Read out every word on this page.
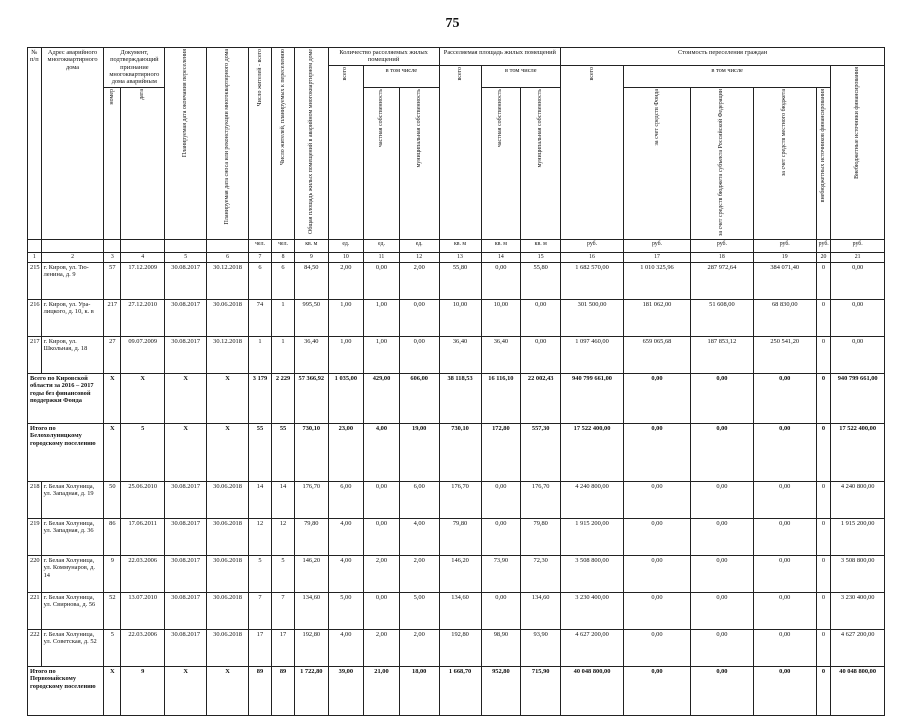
75
№ п/п	Адрес аварийного многоквартирного дома	Документ, подтверждающий признание многоквартирного дома аварийным		Планируемая дата окончания переселения	Планируемая дата сноса или реконструкции многоквартирного дома	Число жителей - всего	Число жителей, планируемых к переселению	Общая площадь жилых помещений в аварийном многоквартирном доме	Количество расселяемых жилых помещений			Расселяемая площадь жилых помещений			Стоимость переселения граждан					
									всего	в том числе		всего	в том числе		всего	в том числе				Внебюджетные источники финансирования
		номер	дата							частная собственность	муниципальная собственность		частная собственность	муниципальная собственность		за счет средств Фонда	за счет средств бюджета субъекта Российской Федерации	за счет средств местного бюджета	внебюджетных источников финансирования	
						чел.	чел.	кв. м	ед.	ед.	ед.	кв. м	кв. м	кв. м	руб.	руб.	руб.	руб.	руб.	руб.
1	2	3	4	5	6	7	8	9	10	11	12	13	14	15	16	17	18	19	20	21
215	г. Киров, ул. Тю-ленина, д. 9	57	17.12.2009	30.08.2017	30.12.2018	6	6	84,50	2,00	0,00	2,00	55,80	0,00	55,80	1 682 570,00	1 010 325,96	287 972,64	384 071,40	0	0,00
216	г. Киров, ул. Ура-лицкого, д. 10, к. в	217	27.12.2010	30.08.2017	30.06.2018	74	1	995,50	1,00	1,00	0,00	10,00	10,00	0,00	301 500,00	181 062,00	51 608,00	68 830,00	0	0,00
217	г. Киров, ул. Школьная, д. 18	27	09.07.2009	30.08.2017	30.12.2018	1	1	36,40	1,00	1,00	0,00	36,40	36,40	0,00	1 097 460,00	659 065,68	187 853,12	250 541,20	0	0,00
Всего по Кировской области за 2016 – 2017 годы без финансовой поддержки Фонда		X	X	X	X	3 179	2 229	57 366,92	1 035,00	429,00	606,00	38 118,53	16 116,10	22 002,43	940 799 661,00	0,00	0,00	0,00	0	940 799 661,00
Итого по Белохолуницкому городскому поселению		X	5	X	X	55	55	730,10	23,00	4,00	19,00	730,10	172,80	557,30	17 522 400,00	0,00	0,00	0,00	0	17 522 400,00
218	г. Белая Холуница, ул. Западная, д. 19	50	25.06.2010	30.08.2017	30.06.2018	14	14	176,70	6,00	0,00	6,00	176,70	0,00	176,70	4 240 800,00	0,00	0,00	0,00	0	4 240 800,00
219	г. Белая Холуница, ул. Западная, д. 36	86	17.06.2011	30.08.2017	30.06.2018	12	12	79,80	4,00	0,00	4,00	79,80	0,00	79,80	1 915 200,00	0,00	0,00	0,00	0	1 915 200,00
220	г. Белая Холуница, ул. Коммунаров, д. 14	9	22.03.2006	30.08.2017	30.06.2018	5	5	146,20	4,00	2,00	2,00	146,20	73,90	72,30	3 508 800,00	0,00	0,00	0,00	0	3 508 800,00
221	г. Белая Холуница, ул. Свирнова, д. 56	52	13.07.2010	30.08.2017	30.06.2018	7	7	134,60	5,00	0,00	5,00	134,60	0,00	134,60	3 230 400,00	0,00	0,00	0,00	0	3 230 400,00
222	г. Белая Холуница, ул. Советская, д. 52	5	22.03.2006	30.08.2017	30.06.2018	17	17	192,80	4,00	2,00	2,00	192,80	98,90	93,90	4 627 200,00	0,00	0,00	0,00	0	4 627 200,00
Итого по Первомайскому городскому поселению		X	9	X	X	89	89	1 722,80	39,00	21,00	18,00	1 668,70	952,80	715,90	40 048 800,00	0,00	0,00	0,00	0	40 048 800,00
